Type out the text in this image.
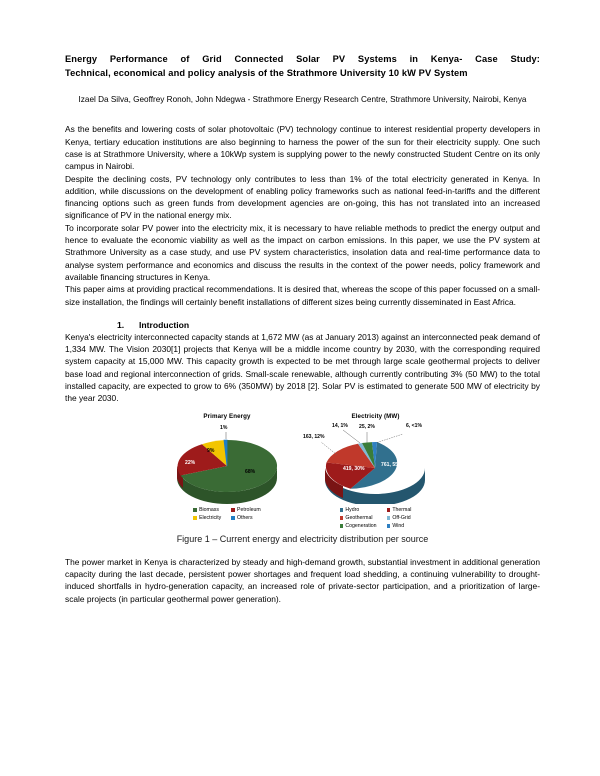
Energy Performance of Grid Connected Solar PV Systems in Kenya- Case Study:
Technical, economical and policy analysis of the Strathmore University 10 kW PV System
Izael Da Silva, Geoffrey Ronoh, John Ndegwa - Strathmore Energy Research Centre, Strathmore University, Nairobi, Kenya

As the benefits and lowering costs of solar photovoltaic (PV) technology continue to interest residential property developers in Kenya, tertiary education institutions are also beginning to harness the power of the sun for their electricity supply. One such case is at Strathmore University, where a 10kWp system is supplying power to the newly constructed Student Centre on its only campus in Nairobi.

Despite the declining costs, PV technology only contributes to less than 1% of the total electricity generated in Kenya. In addition, while discussions on the development of enabling policy frameworks such as national feed-in-tariffs and the different financing options such as green funds from development agencies are on-going, this has not translated into an increased significance of PV in the national energy mix.

To incorporate solar PV power into the electricity mix, it is necessary to have reliable methods to predict the energy output and hence to evaluate the economic viability as well as the impact on carbon emissions. In this paper, we use the PV system at Strathmore University as a case study, and use PV system characteristics, insolation data and real-time performance data to analyse system performance and economics and discuss the results in the context of the power needs, policy framework and available financing structures in Kenya.

This paper aims at providing practical recommendations. It is desired that, whereas the scope of this paper focussed on a small-size installation, the findings will certainly benefit installations of different sizes being currently disseminated in East Africa.

1. Introduction

Kenya's electricity interconnected capacity stands at 1,672 MW (as at January 2013) against an interconnected peak demand of 1,334 MW. The Vision 2030[1] projects that Kenya will be a middle income country by 2030, with the corresponding required system capacity at 15,000 MW. This capacity growth is expected to be met through large scale geothermal projects to deliver base load and regional interconnection of grids. Small-scale renewable, although currently contributing 3% (50 MW) to the total installed capacity, are expected to grow to 6% (350MW) by 2018 [2]. Solar PV is estimated to generate 500 MW of electricity by the year 2030.

Primary Energy
68%
22%
9%
1%
Biomass	Petroleum
Electricity	Others
Electricity (MW)
761, 55%
419, 30%
163, 12%
14, 1% 25, 2%	6, <1%
Hydro	Thermal
Geothermal	Off-Grid
Cogeneration	Wind
Figure 1 – Current energy and electricity distribution per source

The power market in Kenya is characterized by steady and high-demand growth, substantial investment in additional generation capacity during the last decade, persistent power shortages and frequent load shedding, a continuing vulnerability to drought-induced shortfalls in hydro-generation capacity, an increased role of private-sector participation, and a prioritization of large-scale projects (in particular geothermal power generation).
